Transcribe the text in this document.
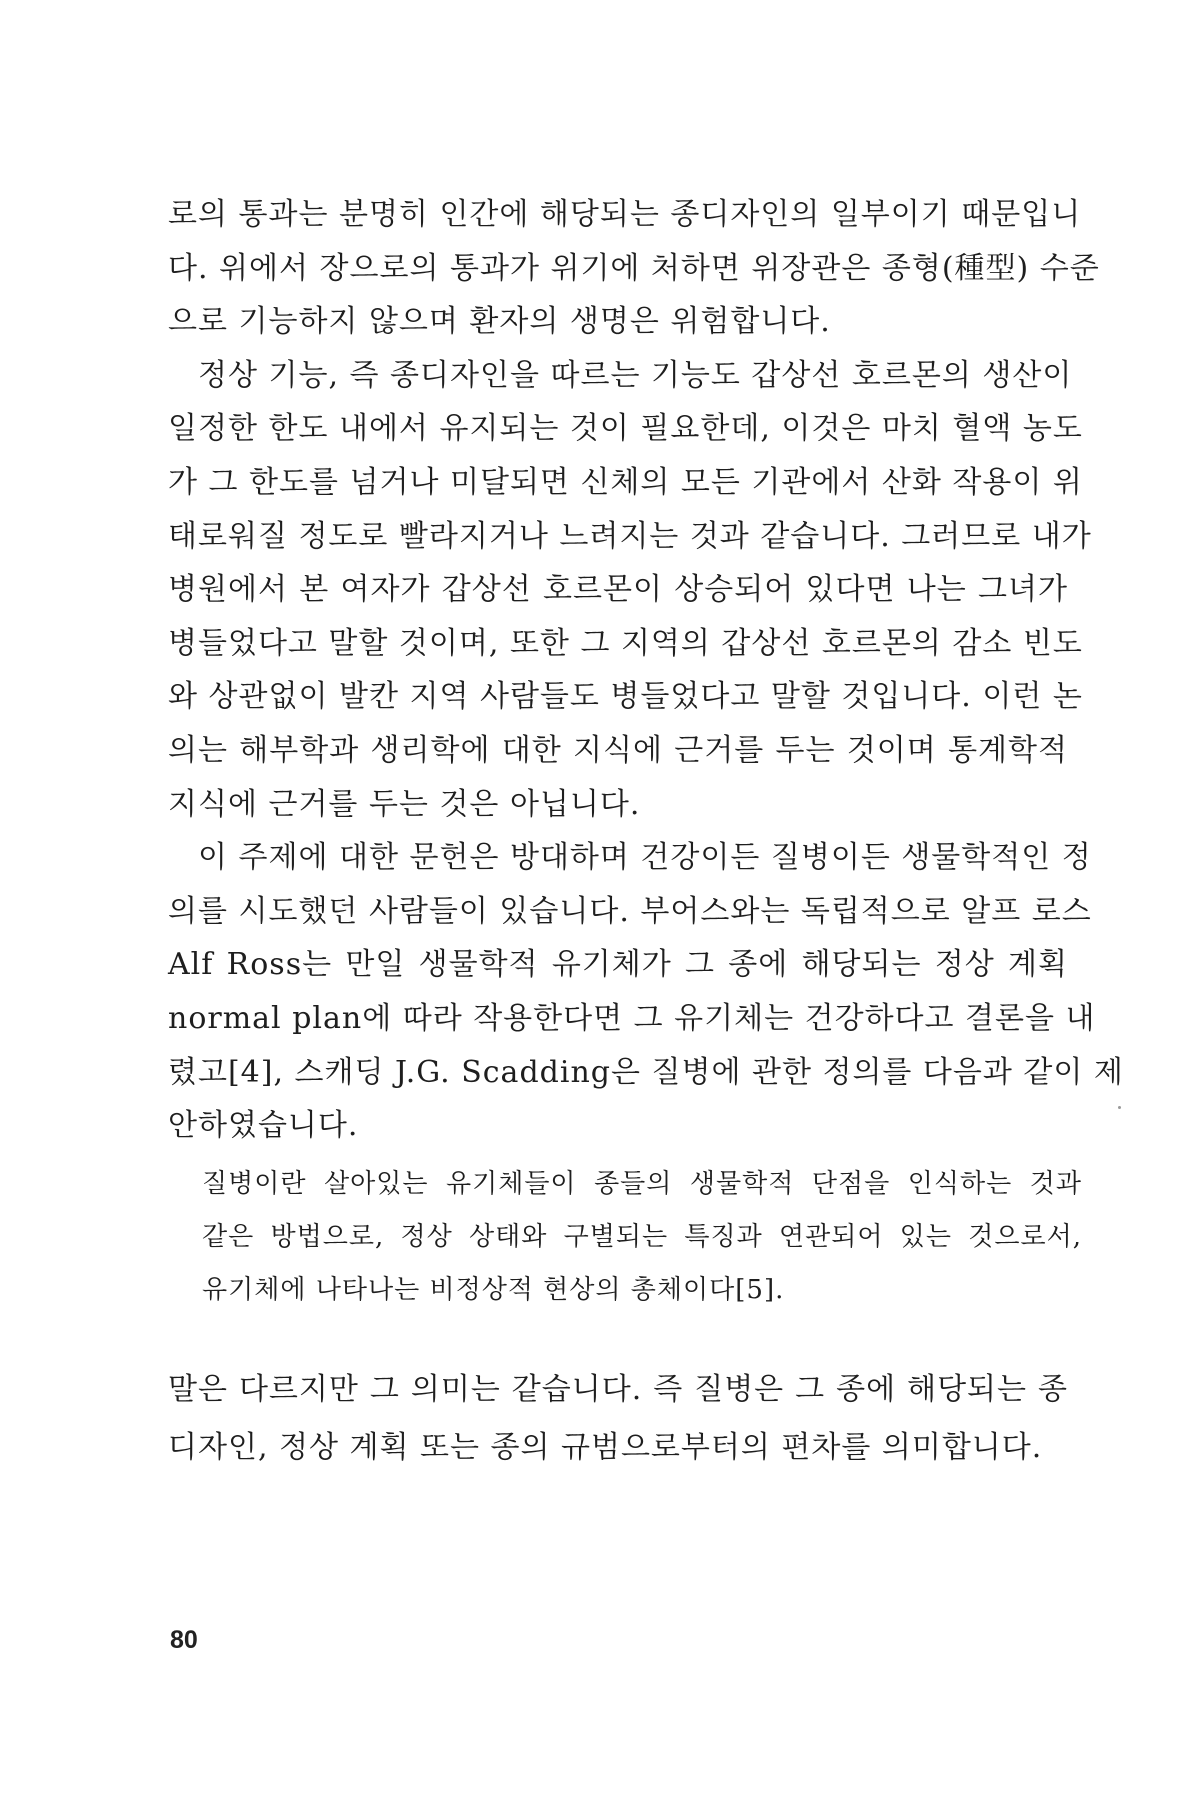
로의 통과는 분명히 인간에 해당되는 종디자인의 일부이기 때문입니
다. 위에서 장으로의 통과가 위기에 처하면 위장관은 종형(種型) 수준
으로 기능하지 않으며 환자의 생명은 위험합니다.
정상 기능, 즉 종디자인을 따르는 기능도 갑상선 호르몬의 생산이
일정한 한도 내에서 유지되는 것이 필요한데, 이것은 마치 혈액 농도
가 그 한도를 넘거나 미달되면 신체의 모든 기관에서 산화 작용이 위
태로워질 정도로 빨라지거나 느려지는 것과 같습니다. 그러므로 내가
병원에서 본 여자가 갑상선 호르몬이 상승되어 있다면 나는 그녀가
병들었다고 말할 것이며, 또한 그 지역의 갑상선 호르몬의 감소 빈도
와 상관없이 발칸 지역 사람들도 병들었다고 말할 것입니다. 이런 논
의는 해부학과 생리학에 대한 지식에 근거를 두는 것이며 통계학적
지식에 근거를 두는 것은 아닙니다.
이 주제에 대한 문헌은 방대하며 건강이든 질병이든 생물학적인 정
의를 시도했던 사람들이 있습니다. 부어스와는 독립적으로 알프 로스
Alf Ross는 만일 생물학적 유기체가 그 종에 해당되는 정상 계획
normal plan에 따라 작용한다면 그 유기체는 건강하다고 결론을 내
렸고[4], 스캐딩 J.G. Scadding은 질병에 관한 정의를 다음과 같이 제
안하였습니다.
질병이란 살아있는 유기체들이 종들의 생물학적 단점을 인식하는 것과
같은 방법으로, 정상 상태와 구별되는 특징과 연관되어 있는 것으로서,
유기체에 나타나는 비정상적 현상의 총체이다[5].
말은 다르지만 그 의미는 같습니다. 즉 질병은 그 종에 해당되는 종
디자인, 정상 계획 또는 종의 규범으로부터의 편차를 의미합니다.
80
